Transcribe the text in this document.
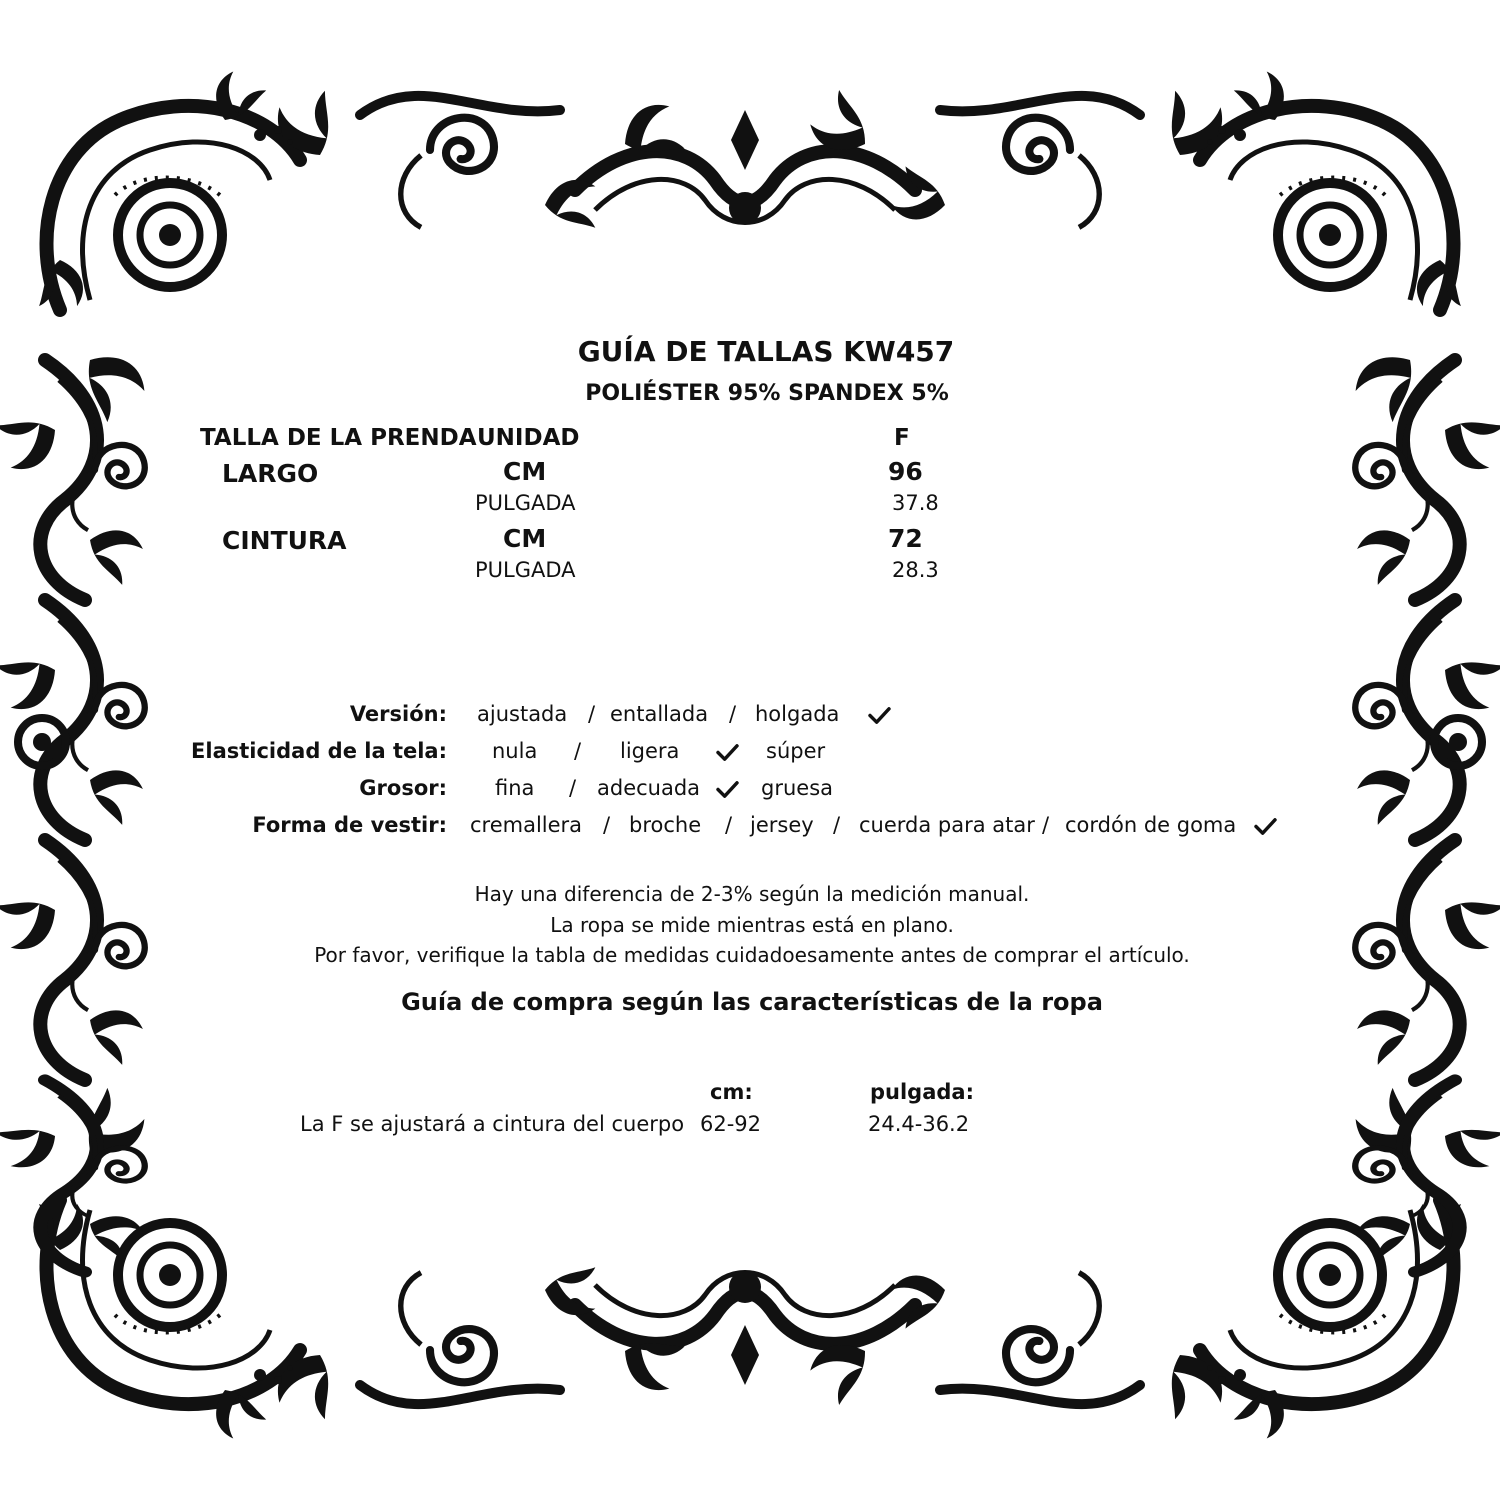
GUÍA DE TALLAS KW457
POLIÉSTER 95% SPANDEX 5%
TALLA DE LA PRENDA UNIDAD	F
LARGO	CM	96
PULGADA	37.8
CINTURA	CM	72
PULGADA	28.3
Versión: ajustada / entallada / holgada
Elasticidad de la tela: nula / ligera	súper
Grosor: fina / adecuada	gruesa
Forma de vestir: cremallera / broche / jersey / cuerda para atar / cordón de goma
Hay una diferencia de 2-3% según la medición manual.
La ropa se mide mientras está en plano.
Por favor, verifique la tabla de medidas cuidadoesamente antes de comprar el artículo.
Guía de compra según las características de la ropa
cm:	pulgada:
La F se ajustará a cintura del cuerpo 62-92	24.4-36.2
